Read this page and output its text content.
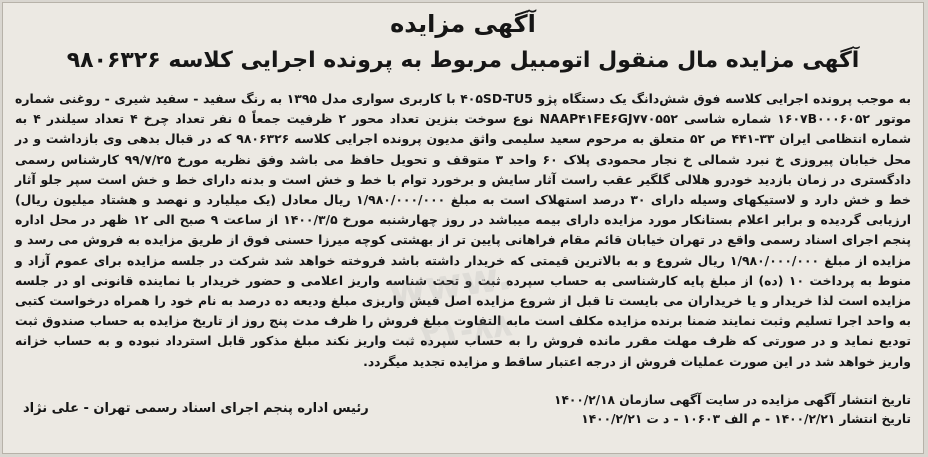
www.
۰۲۱-۸۸
آگهی مزایده
آگهی مزایده مال منقول اتومبیل مربوط به پرونده اجرایی کلاسه ۹۸۰۶۳۲۶
به موجب پرونده اجرایی کلاسه فوق شش‌دانگ یک دستگاه پژو ۴۰۵SD-TU5 با کاربری سواری مدل ۱۳۹۵ به رنگ سفید - سفید شیری - روغنی شماره موتور ۱۶۰۷B۰۰۰۶۰۵۲ شماره شاسی NAAP۴۱FE۶GJ۷۷۰۵۵۲ نوع سوخت بنزین تعداد محور ۲ ظرفیت جمعاً ۵ نفر تعداد چرخ ۴ تعداد سیلندر ۴ به شماره انتظامی ایران ۳۳-۴۴۱ ص ۵۲ متعلق به مرحوم سعید سلیمی واثق مدیون پرونده اجرایی کلاسه ۹۸۰۶۳۲۶ که در قبال بدهی وی بازداشت و در محل خیابان پیروزی خ نبرد شمالی خ نجار محمودی پلاک ۶۰ واحد ۳ متوقف و تحویل حافظ می باشد وفق نظریه مورخ ۹۹/۷/۲۵ کارشناس رسمی دادگستری در زمان بازدید خودرو هلالی گلگیر عقب راست آثار سایش و برخورد توام با خط و خش است و بدنه دارای خط و خش است سپر جلو آثار خط و خش دارد و لاستیکهای وسیله دارای ۳۰ درصد استهلاک است به مبلغ ۱/۹۸۰/۰۰۰/۰۰۰ ریال معادل (یک میلیارد و نهصد و هشتاد میلیون ریال) ارزیابی گردیده و برابر اعلام بستانکار مورد مزایده دارای بیمه میباشد در روز چهارشنبه مورخ ۱۴۰۰/۳/۵ از ساعت ۹ صبح الی ۱۲ ظهر در محل اداره پنجم اجرای اسناد رسمی واقع در تهران خیابان قائم مقام فراهانی پایین تر از بهشتی کوچه میرزا حسنی فوق از طریق مزایده به فروش می رسد و مزایده از مبلغ ۱/۹۸۰/۰۰۰/۰۰۰ ریال شروع و به بالاترین قیمتی که خریدار داشته باشد فروخته خواهد شد شرکت در جلسه مزایده برای عموم آزاد و منوط به پرداخت ۱۰ (ده) از مبلغ پایه کارشناسی به حساب سپرده ثبت و تحت شناسه واریز اعلامی و حضور خریدار با نماینده قانونی او در جلسه مزایده است لذا خریدار و یا خریداران می بایست تا قبل از شروع مزایده اصل فیش واریزی مبلغ ودیعه ده درصد به نام خود را همراه درخواست کتبی به واحد اجرا تسلیم وثبت نمایند ضمنا برنده مزایده مکلف است مابه التفاوت مبلغ فروش را ظرف مدت پنج روز از تاریخ مزایده به حساب صندوق ثبت تودیع نماید و در صورتی که ظرف مهلت مقرر مانده فروش را به حساب سپرده ثبت واریز نکند مبلغ مذکور قابل استرداد نبوده و به حساب خزانه واریز خواهد شد در این صورت عملیات فروش از درجه اعتبار ساقط و مزایده تجدید میگردد.
تاریخ انتشار آگهی مزایده در سایت آگهی سازمان ۱۴۰۰/۲/۱۸
تاریخ انتشار ۱۴۰۰/۲/۲۱ - م الف ۱۰۶۰۳ - د ت ۱۴۰۰/۲/۲۱
رئیس اداره پنجم اجرای اسناد رسمی تهران - علی نژاد
